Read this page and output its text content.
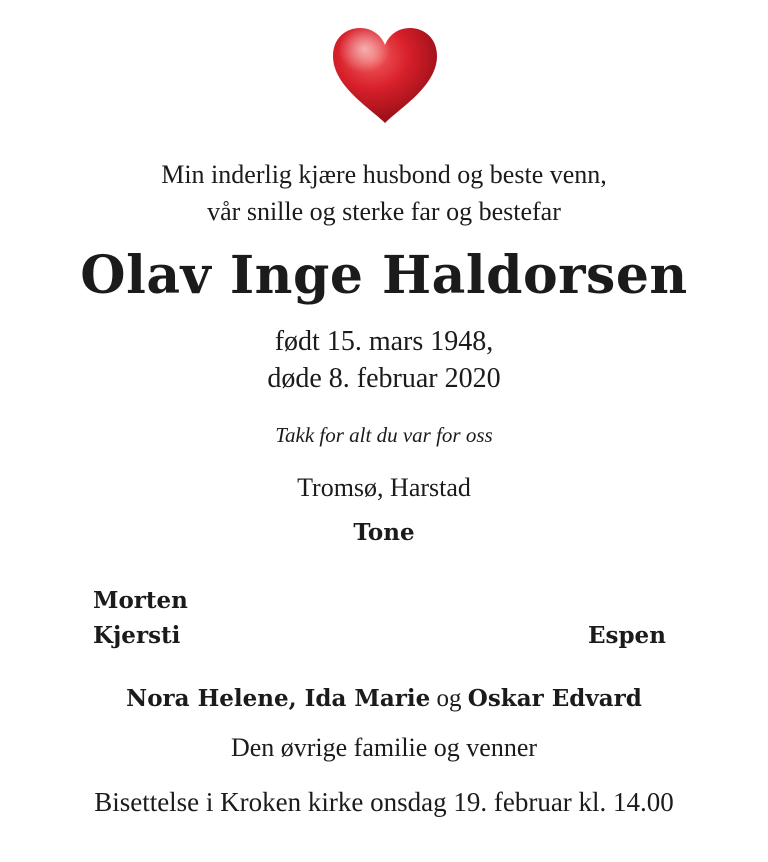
Min inderlig kjære husbond og beste venn,
vår snille og sterke far og bestefar
Olav Inge Haldorsen
født 15. mars 1948,
døde 8. februar 2020
Takk for alt du var for oss
Tromsø, Harstad
Tone
Morten
Kjersti	Espen
Nora Helene, Ida Marie og Oskar Edvard
Den øvrige familie og venner
Bisettelse i Kroken kirke onsdag 19. februar kl. 14.00
